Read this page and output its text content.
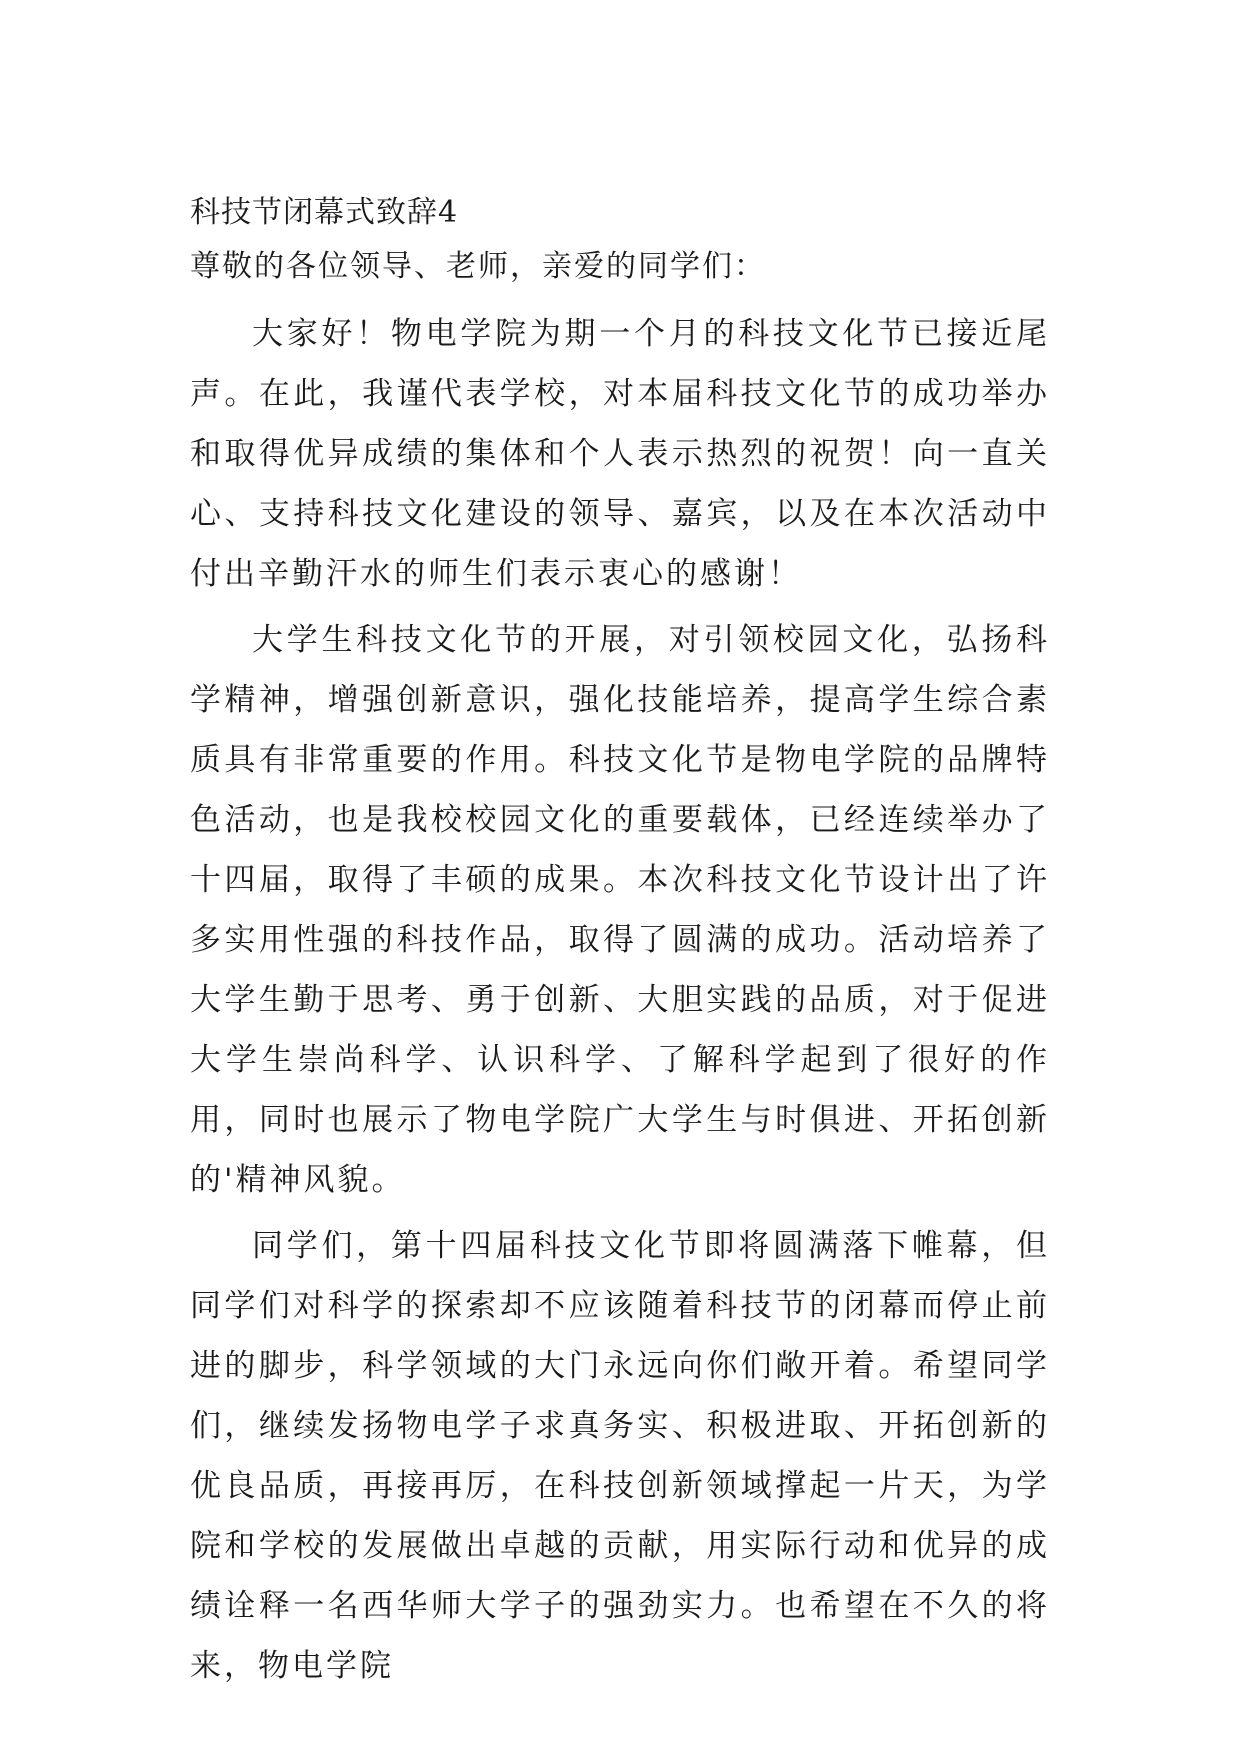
科技节闭幕式致辞4
尊敬的各位领导、老师，亲爱的同学们：

大家好！物电学院为期一个月的科技文化节已接近尾声。在此，我谨代表学校，对本届科技文化节的成功举办和取得优异成绩的集体和个人表示热烈的祝贺！向一直关心、支持科技文化建设的领导、嘉宾，以及在本次活动中付出辛勤汗水的师生们表示衷心的感谢！

大学生科技文化节的开展，对引领校园文化，弘扬科学精神，增强创新意识，强化技能培养，提高学生综合素质具有非常重要的作用。科技文化节是物电学院的品牌特色活动，也是我校校园文化的重要载体，已经连续举办了十四届，取得了丰硕的成果。本次科技文化节设计出了许多实用性强的科技作品，取得了圆满的成功。活动培养了大学生勤于思考、勇于创新、大胆实践的品质，对于促进大学生崇尚科学、认识科学、了解科学起到了很好的作用，同时也展示了物电学院广大学生与时俱进、开拓创新的'精神风貌。

同学们，第十四届科技文化节即将圆满落下帷幕，但同学们对科学的探索却不应该随着科技节的闭幕而停止前进的脚步，科学领域的大门永远向你们敞开着。希望同学们，继续发扬物电学子求真务实、积极进取、开拓创新的优良品质，再接再厉，在科技创新领域撑起一片天，为学院和学校的发展做出卓越的贡献，用实际行动和优异的成绩诠释一名西华师大学子的强劲实力。也希望在不久的将来，物电学院
